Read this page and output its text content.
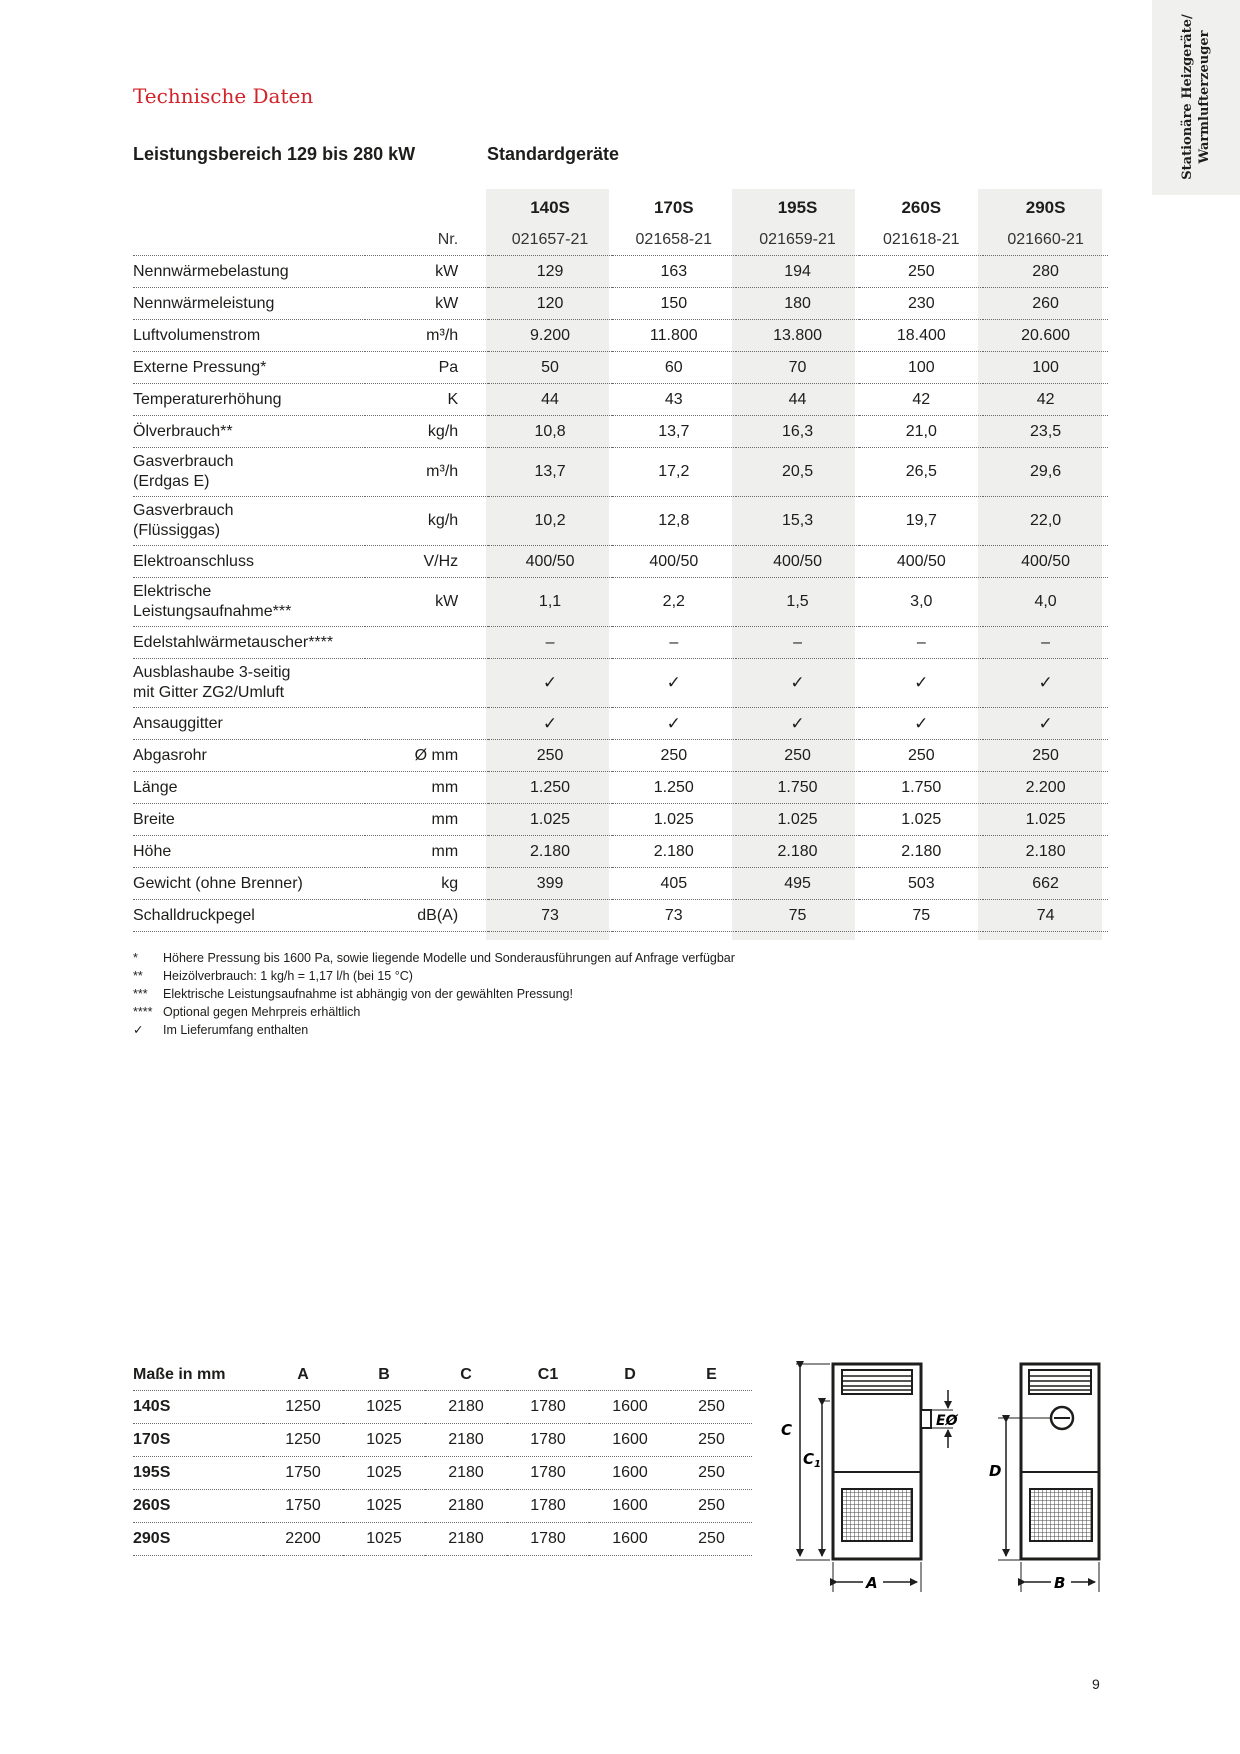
Stationäre Heizgeräte/ Warmlufterzeuger
Technische Daten
Leistungsbereich 129 bis 280 kW	Standardgeräte
		140S	170S	195S	260S	290S
	Nr.	021657-21	021658-21	021659-21	021618-21	021660-21

Nennwärmebelastung	kW	129	163	194	250	280

Nennwärmeleistung	kW	120	150	180	230	260

Luftvolumenstrom	m³/h	9.200	11.800	13.800	18.400	20.600

Externe Pressung*	Pa	50	60	70	100	100

Temperaturerhöhung	K	44	43	44	42	42

Ölverbrauch**	kg/h	10,8	13,7	16,3	21,0	23,5

Gasverbrauch
(Erdgas E)	m³/h	13,7	17,2	20,5	26,5	29,6

Gasverbrauch
(Flüssiggas)	kg/h	10,2	12,8	15,3	19,7	22,0

Elektroanschluss	V/Hz	400/50	400/50	400/50	400/50	400/50

Elektrische
Leistungsaufnahme***	kW	1,1	2,2	1,5	3,0	4,0

Edelstahlwärmetauscher****		–	–	–	–	–

Ausblashaube 3-seitig
mit Gitter ZG2/Umluft		✓	✓	✓	✓	✓

Ansauggitter		✓	✓	✓	✓	✓

Abgasrohr	Ø mm	250	250	250	250	250

Länge	mm	1.250	1.250	1.750	1.750	2.200

Breite	mm	1.025	1.025	1.025	1.025	1.025

Höhe	mm	2.180	2.180	2.180	2.180	2.180

Gewicht (ohne Brenner)	kg	399	405	495	503	662

Schalldruckpegel	dB(A)	73	73	75	75	74
*	Höhere Pressung bis 1600 Pa, sowie liegende Modelle und Sonderausführungen auf Anfrage verfügbar
**	Heizölverbrauch: 1 kg/h = 1,17 l/h (bei 15 °C)
***	Elektrische Leistungsaufnahme ist abhängig von der gewählten Pressung!
**** Optional gegen Mehrpreis erhältlich
✓	Im Lieferumfang enthalten
Maße in mm	A	B	C	C1	D	E
140S	1250	1025	2180	1780	1600	250
170S	1250	1025	2180	1780	1600	250
195S	1750	1025	2180	1780	1600	250
260S	1750	1025	2180	1780	1600	250
290S	2200	1025	2180	1780	1600	250
C
$C_1$
A
EØ
D
B
9
